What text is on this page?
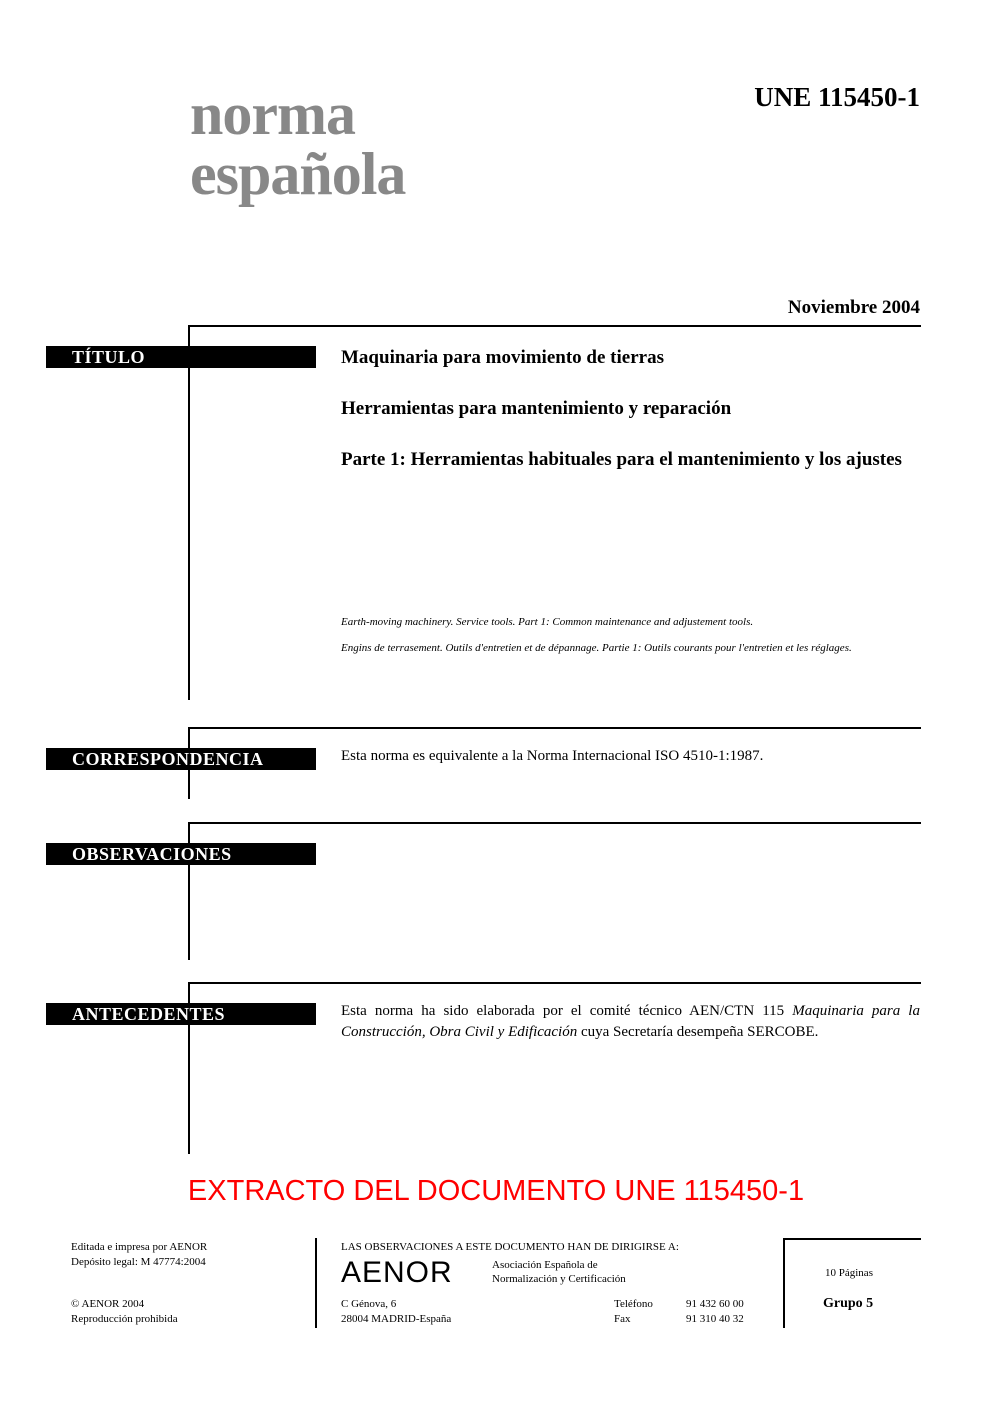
norma
española
UNE 115450-1
Noviembre 2004
TÍTULO	Maquinaria para movimiento de tierras

Herramientas para mantenimiento y reparación

Parte 1: Herramientas habituales para el mantenimiento y los ajustes

Earth-moving machinery. Service tools. Part 1: Common maintenance and adjustement tools.

Engins de terrasement. Outils d'entretien et de dépannage. Partie 1: Outils courants pour l'entretien et les réglages.

CORRESPONDENCIA	Esta norma es equivalente a la Norma Internacional ISO 4510-1:1987.

OBSERVACIONES
ANTECEDENTES	Esta norma ha sido elaborada por el comité técnico AEN/CTN 115 Maquinaria para la Construcción, Obra Civil y Edificación cuya Secretaría desempeña SERCOBE.

EXTRACTO DEL DOCUMENTO UNE 115450-1
Editada e impresa por AENOR
Depósito legal: M 47774:2004
© AENOR 2004
Reproducción prohibida
LAS OBSERVACIONES A ESTE DOCUMENTO HAN DE DIRIGIRSE A:
AENOR	Asociación Española de
Normalización y Certificación
C Génova, 6
28004 MADRID-España
Teléfono	91 432 60 00
Fax	91 310 40 32
10 Páginas
Grupo 5
